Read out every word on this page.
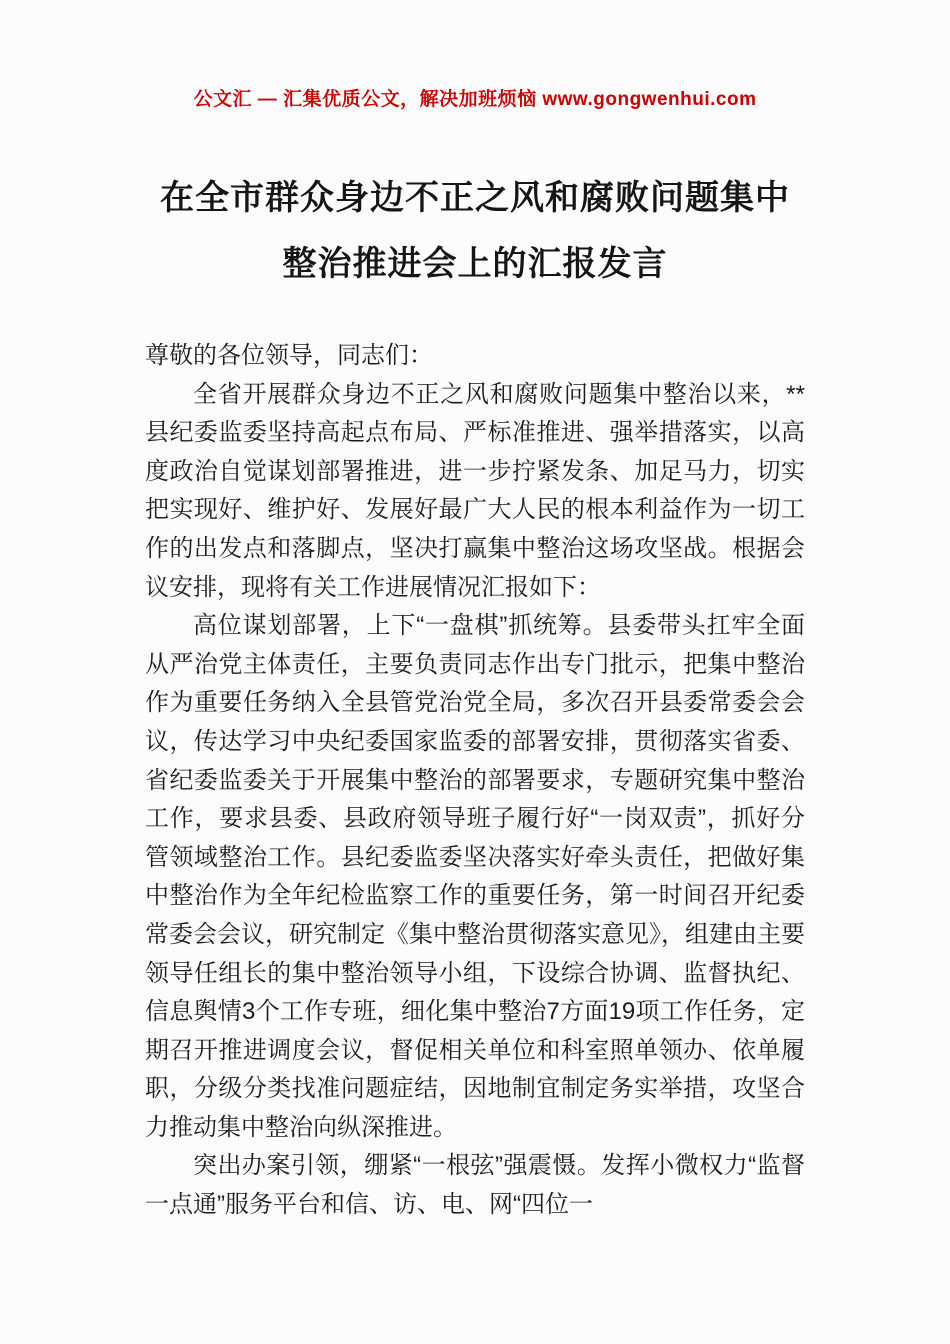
公文汇 — 汇集优质公文，解决加班烦恼 www.gongwenhui.com
在全市群众身边不正之风和腐败问题集中
整治推进会上的汇报发言

尊敬的各位领导，同志们：

全省开展群众身边不正之风和腐败问题集中整治以来，**县纪委监委坚持高起点布局、严标准推进、强举措落实，以高度政治自觉谋划部署推进，进一步拧紧发条、加足马力，切实把实现好、维护好、发展好最广大人民的根本利益作为一切工作的出发点和落脚点，坚决打赢集中整治这场攻坚战。根据会议安排，现将有关工作进展情况汇报如下：

高位谋划部署，上下“一盘棋”抓统筹。县委带头扛牢全面从严治党主体责任，主要负责同志作出专门批示，把集中整治作为重要任务纳入全县管党治党全局，多次召开县委常委会会议，传达学习中央纪委国家监委的部署安排，贯彻落实省委、省纪委监委关于开展集中整治的部署要求，专题研究集中整治工作，要求县委、县政府领导班子履行好“一岗双责”，抓好分管领域整治工作。县纪委监委坚决落实好牵头责任，把做好集中整治作为全年纪检监察工作的重要任务，第一时间召开纪委常委会会议，研究制定《集中整治贯彻落实意见》，组建由主要领导任组长的集中整治领导小组，下设综合协调、监督执纪、信息舆情3个工作专班，细化集中整治7方面19项工作任务，定期召开推进调度会议，督促相关单位和科室照单领办、依单履职，分级分类找准问题症结，因地制宜制定务实举措，攻坚合力推动集中整治向纵深推进。

突出办案引领，绷紧“一根弦”强震慑。发挥小微权力“监督一点通”服务平台和信、访、电、网“四位一
